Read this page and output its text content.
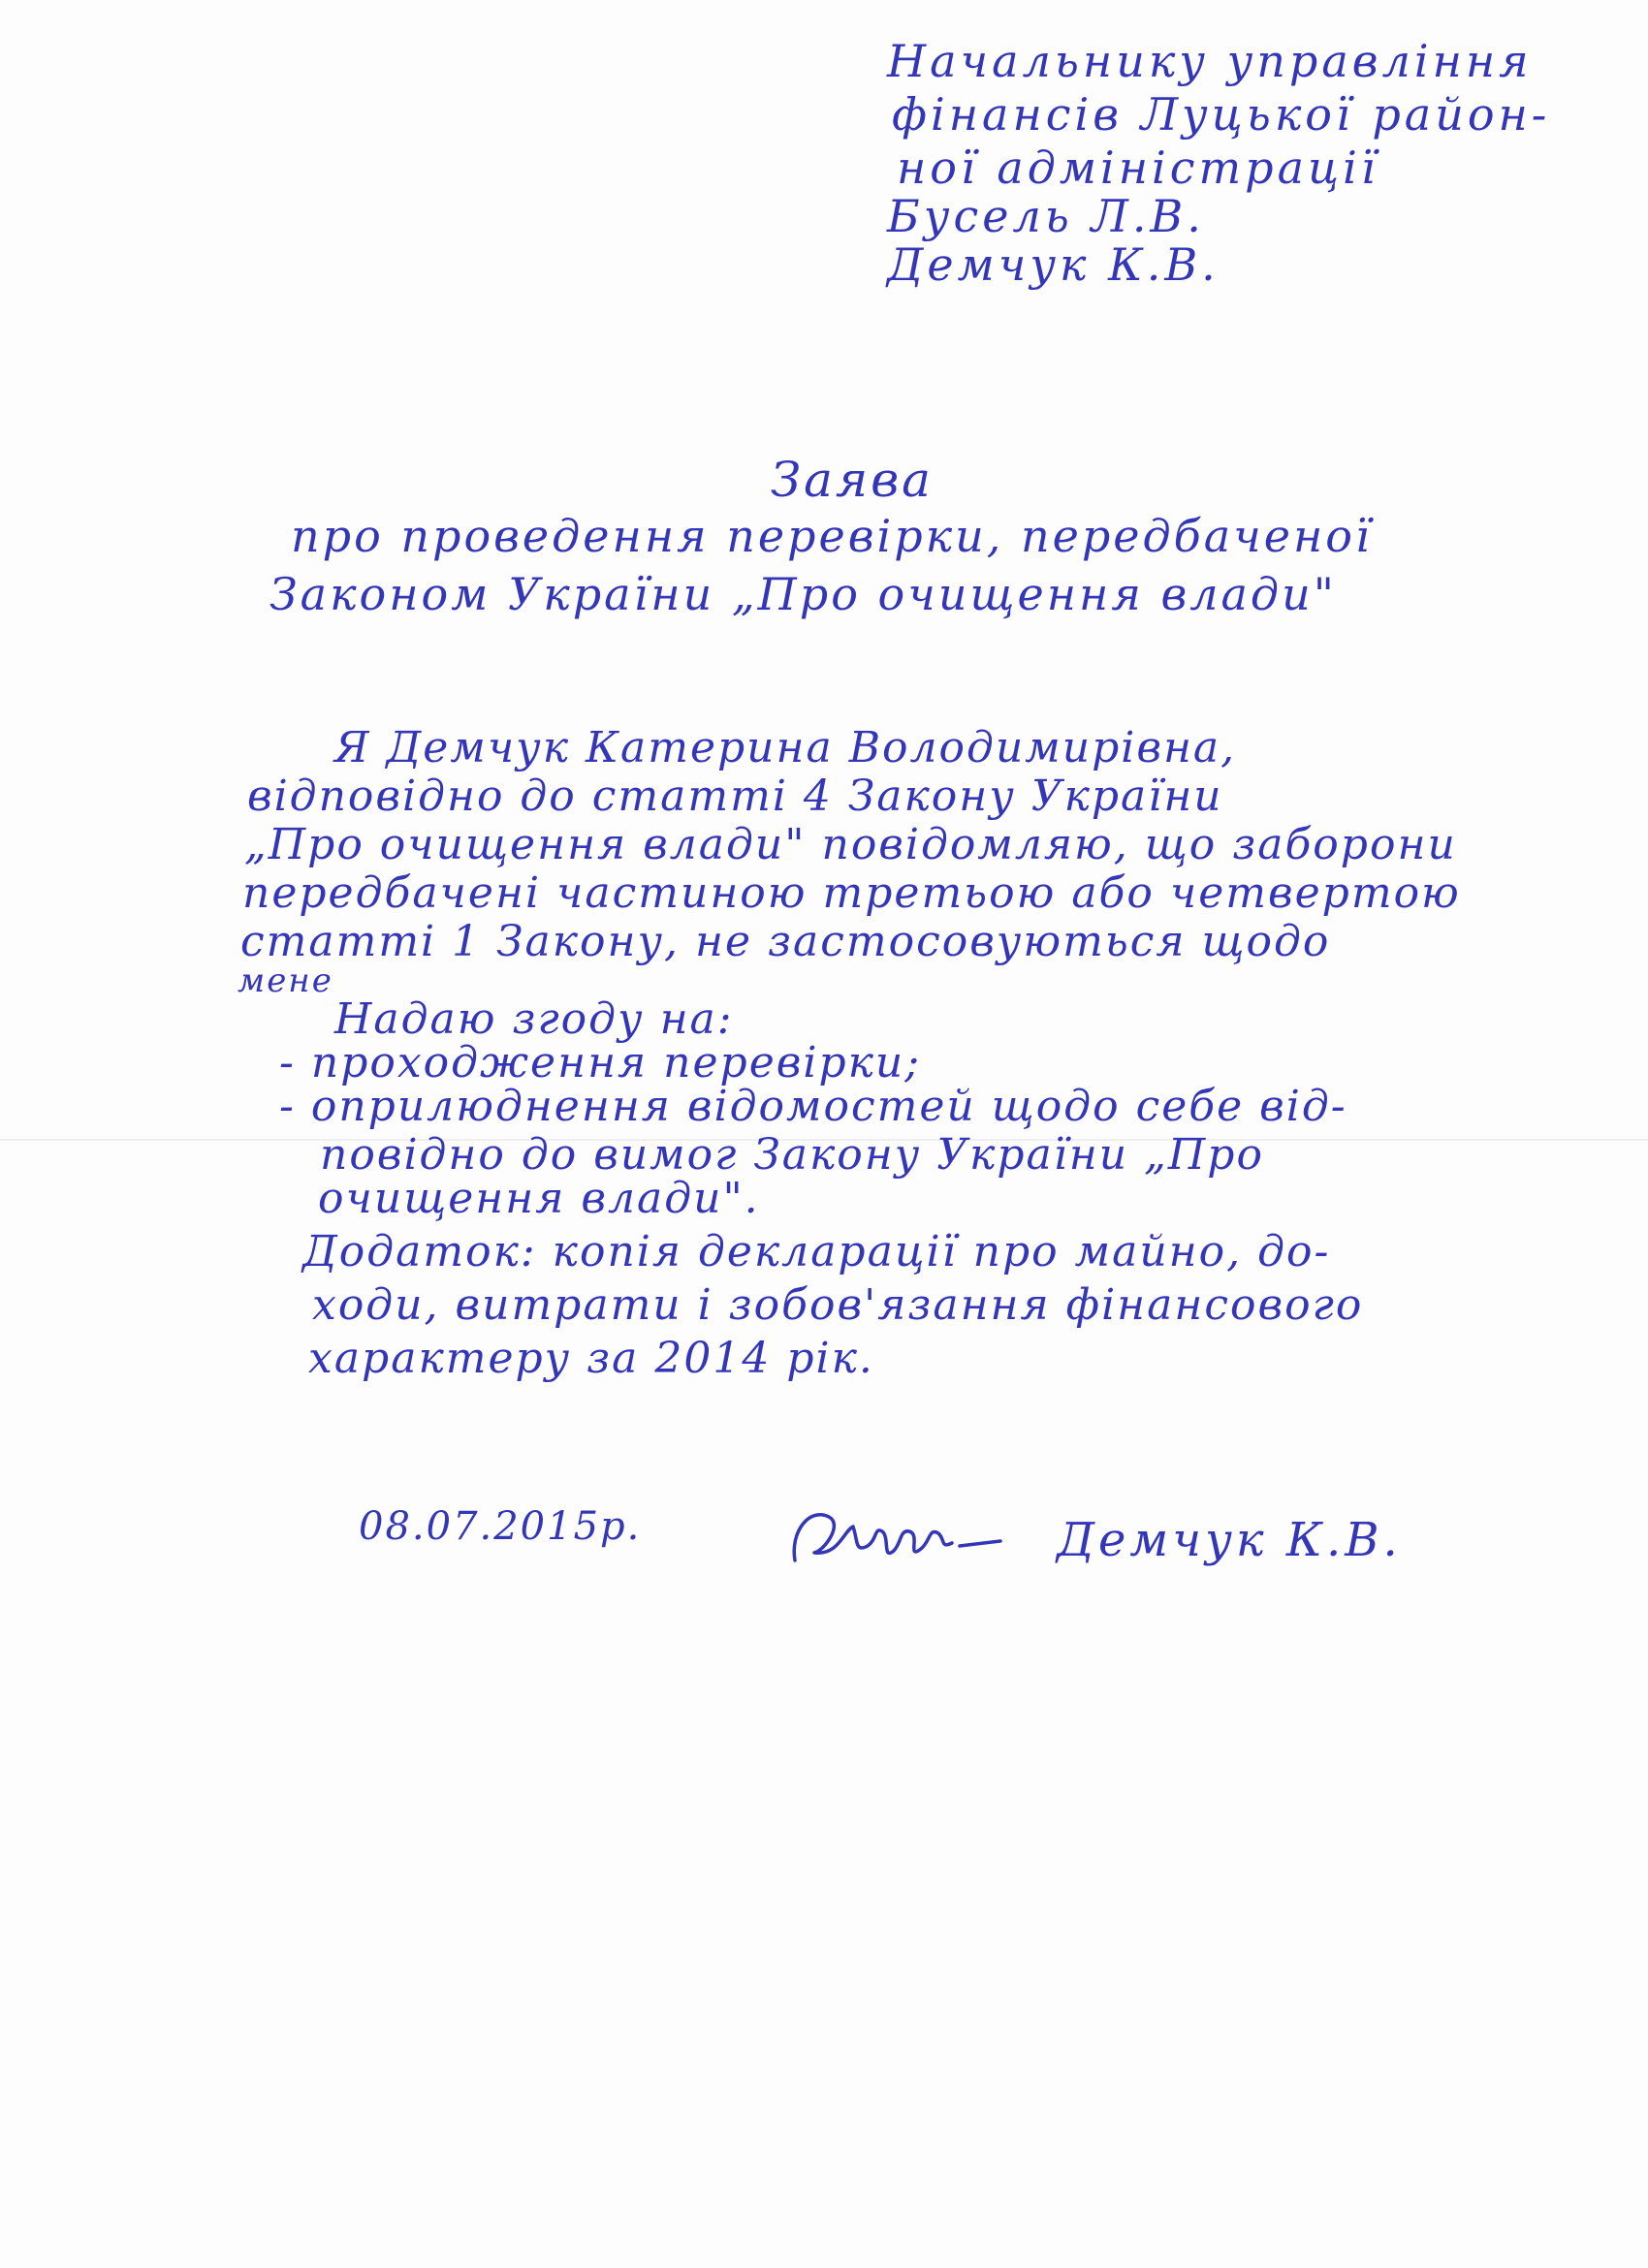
Начальнику управління

фінансів Луцької район-

ної адміністрації

Бусель Л.В.

Демчук К.В.

Заява

про проведення перевірки, передбаченої

Законом України „Про очищення влади"

Я Демчук Катерина Володимирівна,

відповідно до статті 4 Закону України

„Про очищення влади" повідомляю, що заборони

передбачені частиною третьою або четвертою

статті 1 Закону, не застосовуються щодо

мене

Надаю згоду на:

- проходження перевірки;

- оприлюднення відомостей щодо себе від-

повідно до вимог Закону України „Про

очищення влади".

Додаток: копія декларації про майно, до-

ходи, витрати і зобов'язання фінансового

характеру за 2014 рік.

08.07.2015р.	Демчук К.В.
